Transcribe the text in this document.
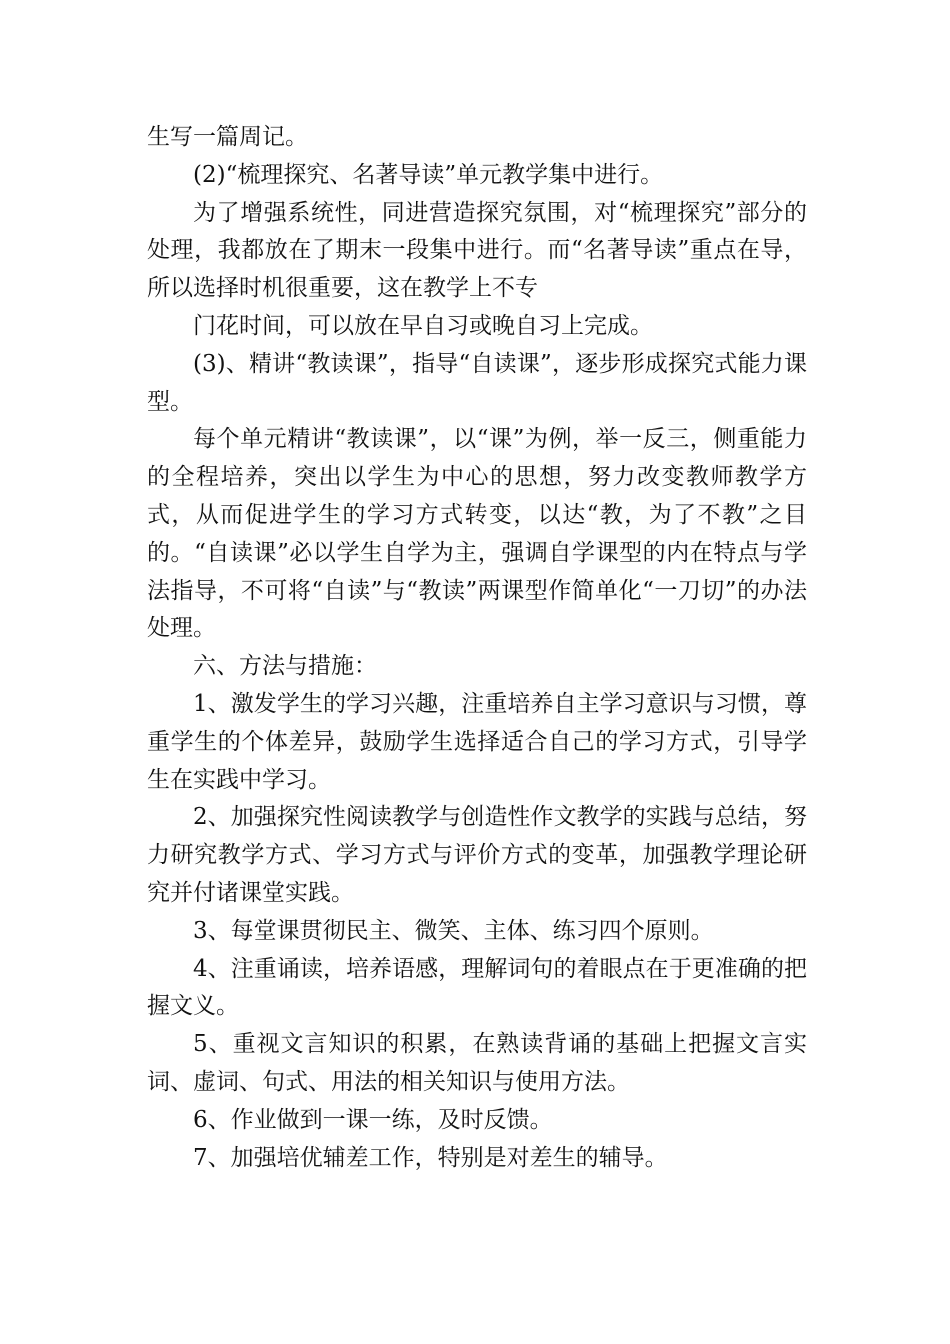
生写一篇周记。

(2)“梳理探究、名著导读”单元教学集中进行。

为了增强系统性，同进营造探究氛围，对“梳理探究”部分的处理，我都放在了期末一段集中进行。而“名著导读”重点在导，所以选择时机很重要，这在教学上不专

门花时间，可以放在早自习或晚自习上完成。

(3)、精讲“教读课”，指导“自读课”，逐步形成探究式能力课型。

每个单元精讲“教读课”，以“课”为例，举一反三，侧重能力的全程培养，突出以学生为中心的思想，努力改变教师教学方式，从而促进学生的学习方式转变，以达“教，为了不教”之目的。“自读课”必以学生自学为主，强调自学课型的内在特点与学法指导，不可将“自读”与“教读”两课型作简单化“一刀切”的办法处理。

六、方法与措施：

1、激发学生的学习兴趣，注重培养自主学习意识与习惯，尊重学生的个体差异，鼓励学生选择适合自己的学习方式，引导学生在实践中学习。

2、加强探究性阅读教学与创造性作文教学的实践与总结，努力研究教学方式、学习方式与评价方式的变革，加强教学理论研究并付诸课堂实践。

3、每堂课贯彻民主、微笑、主体、练习四个原则。

4、注重诵读，培养语感，理解词句的着眼点在于更准确的把握文义。

5、重视文言知识的积累，在熟读背诵的基础上把握文言实词、虚词、句式、用法的相关知识与使用方法。

6、作业做到一课一练，及时反馈。

7、加强培优辅差工作，特别是对差生的辅导。
